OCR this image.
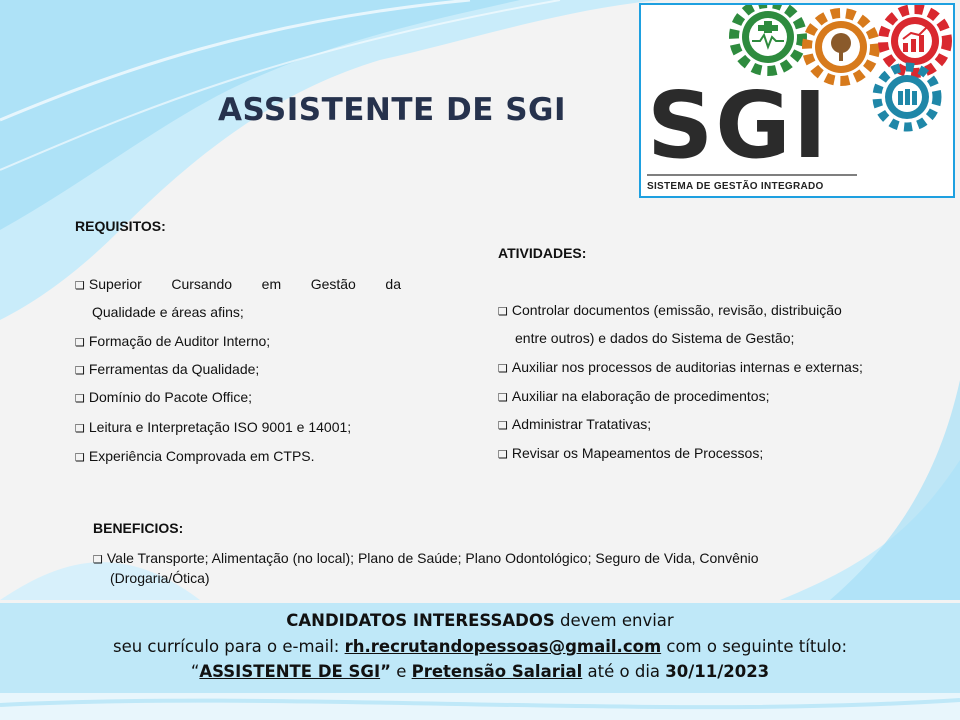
ASSISTENTE DE SGI SGI
SISTEMA DE GESTÃO INTEGRADO
REQUISITOS:
❑ Superior Cursando em Gestão da
Qualidade e áreas afins;
❑ Formação de Auditor Interno;
❑ Ferramentas da Qualidade;
❑ Domínio do Pacote Office;
❑ Leitura e Interpretação ISO 9001 e 14001;
❑ Experiência Comprovada em CTPS.
ATIVIDADES:
❑ Controlar documentos (emissão, revisão, distribuição
entre outros) e dados do Sistema de Gestão;
❑ Auxiliar nos processos de auditorias internas e externas;
❑ Auxiliar na elaboração de procedimentos;
❑ Administrar Tratativas;
❑ Revisar os Mapeamentos de Processos;
BENEFICIOS:
❑ Vale Transporte; Alimentação (no local); Plano de Saúde; Plano Odontológico; Seguro de Vida, Convênio
(Drogaria/Ótica)
CANDIDATOS INTERESSADOS devem enviar
seu currículo para o e-mail: rh.recrutandopessoas@gmail.com com o seguinte título:
“ASSISTENTE DE SGI” e Pretensão Salarial até o dia 30/11/2023
